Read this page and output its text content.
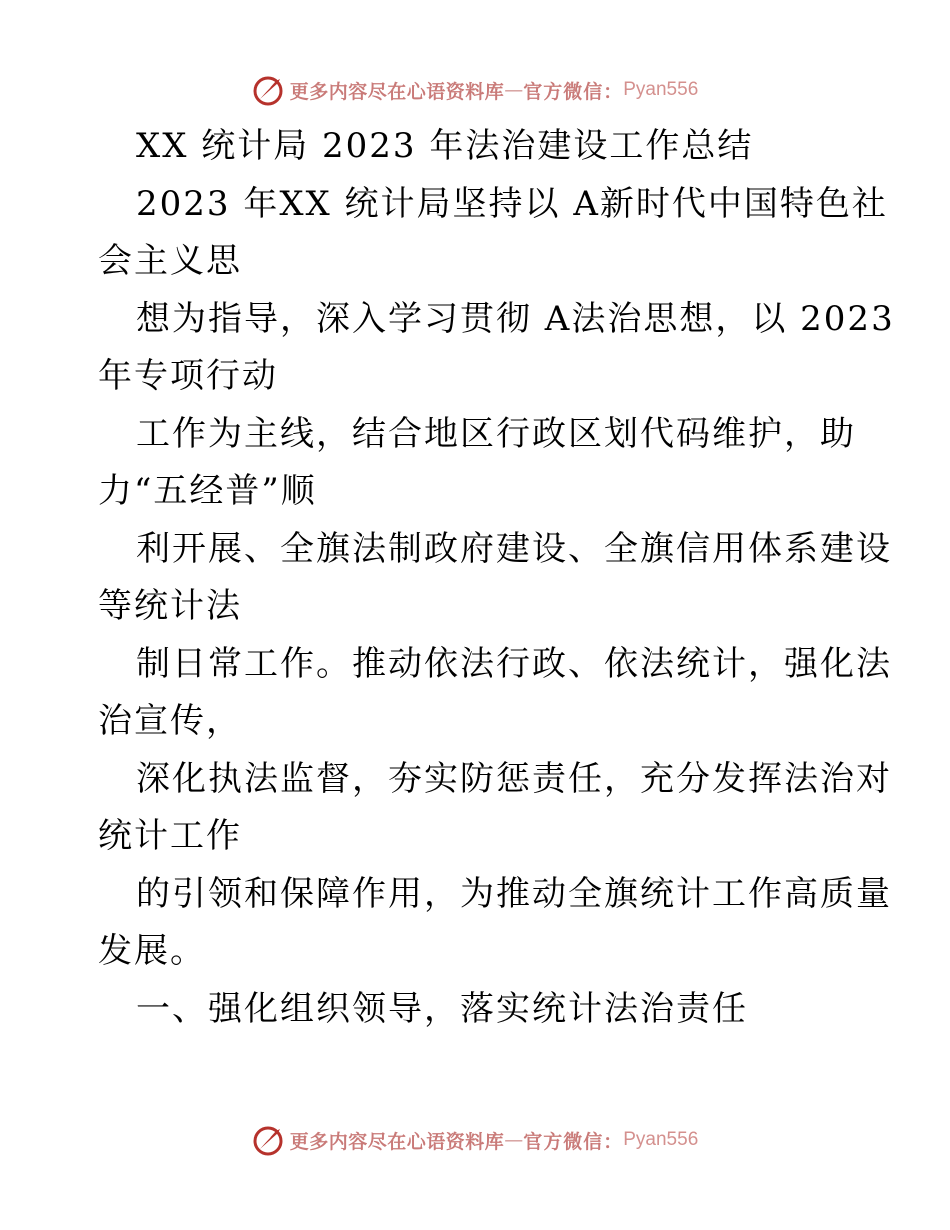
更多内容尽在心语资料库 — 官方微信： Pyan556
XX 统计局 2023 年法治建设工作总结
2023 年XX 统计局坚持以 A新时代中国特色社
会主义思
想为指导，深入学习贯彻 A法治思想，以 2023
年专项行动
工作为主线，结合地区行政区划代码维护，助
力“五经普”顺
利开展、全旗法制政府建设、全旗信用体系建设
等统计法
制日常工作。推动依法行政、依法统计，强化法
治宣传，
深化执法监督，夯实防惩责任，充分发挥法治对
统计工作
的引领和保障作用，为推动全旗统计工作高质量
发展。
一、强化组织领导，落实统计法治责任
更多内容尽在心语资料库 — 官方微信： Pyan556
